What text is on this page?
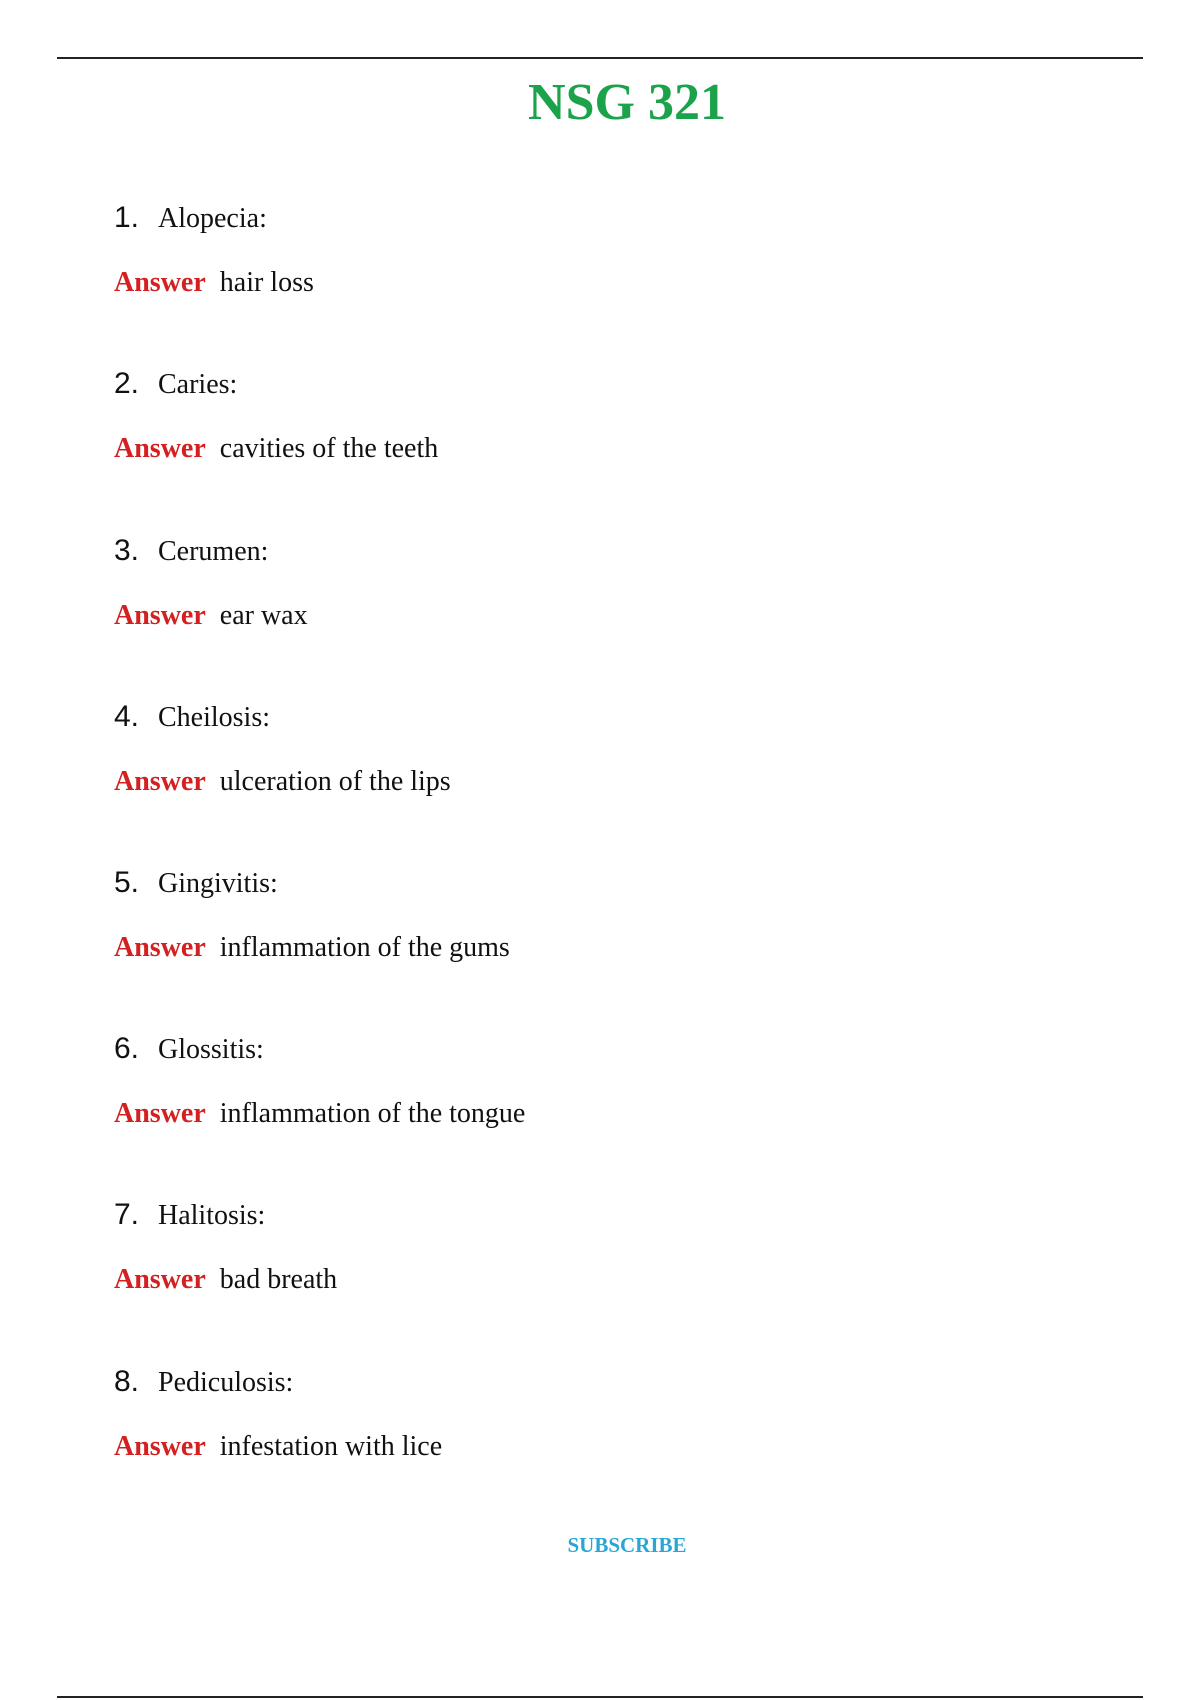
NSG 321
1. Alopecia:
Answer hair loss
2. Caries:
Answer cavities of the teeth
3. Cerumen:
Answer ear wax
4. Cheilosis:
Answer ulceration of the lips
5. Gingivitis:
Answer inflammation of the gums
6. Glossitis:
Answer inflammation of the tongue
7. Halitosis:
Answer bad breath
8. Pediculosis:
Answer infestation with lice
SUBSCRIBE
